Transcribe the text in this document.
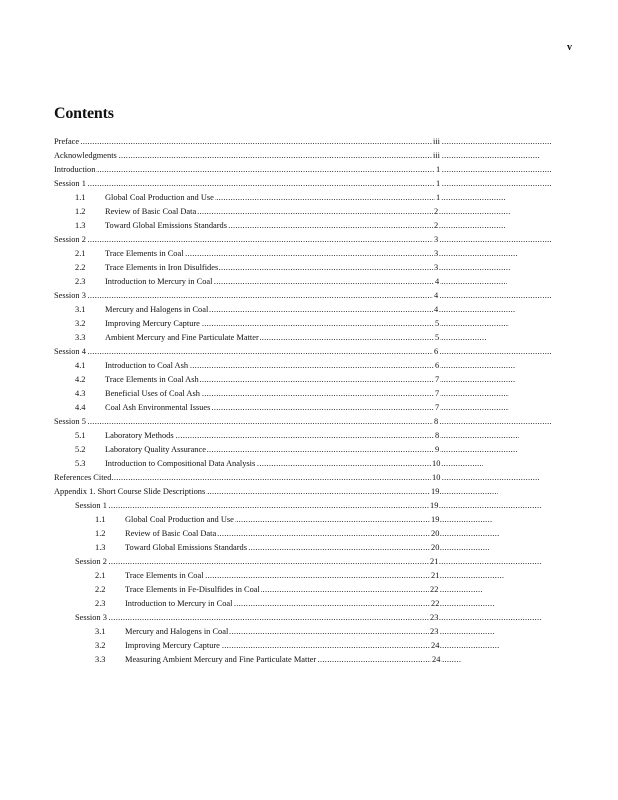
v
Contents
.....
Preface	iii
.....
Acknowledgments	iii
.....
Introduction	1
.....
Session 1	1
.....
1.1	Global Coal Production and Use	1
.....
1.2	Review of Basic Coal Data	2
.....
1.3	Toward Global Emissions Standards	2
.....
Session 2	3
.....
2.1	Trace Elements in Coal	3
.....
2.2	Trace Elements in Iron Disulfides	3
.....
2.3	Introduction to Mercury in Coal	4
.....
Session 3	4
.....
3.1	Mercury and Halogens in Coal	4
.....
3.2	Improving Mercury Capture	5
.....
3.3	Ambient Mercury and Fine Particulate Matter	5
.....
Session 4	6
.....
4.1	Introduction to Coal Ash	6
.....
4.2	Trace Elements in Coal Ash	7
.....
4.3	Beneficial Uses of Coal Ash	7
.....
4.4	Coal Ash Environmental Issues	7
.....
Session 5	8
.....
5.1	Laboratory Methods	8
.....
5.2	Laboratory Quality Assurance	9
.....
5.3	Introduction to Compositional Data Analysis	10
.....
References Cited	10
.....
Appendix 1. Short Course Slide Descriptions	19
.....
Session 1	19
.....
1.1	Global Coal Production and Use	19
.....
1.2	Review of Basic Coal Data	20
.....
1.3	Toward Global Emissions Standards	20
.....
Session 2	21
.....
2.1	Trace Elements in Coal	21
.....
2.2	Trace Elements in Fe-Disulfides in Coal	22
.....
2.3	Introduction to Mercury in Coal	22
.....
Session 3	23
.....
3.1	Mercury and Halogens in Coal	23
.....
3.2	Improving Mercury Capture	24
.....
3.3	Measuring Ambient Mercury and Fine Particulate Matter	24
